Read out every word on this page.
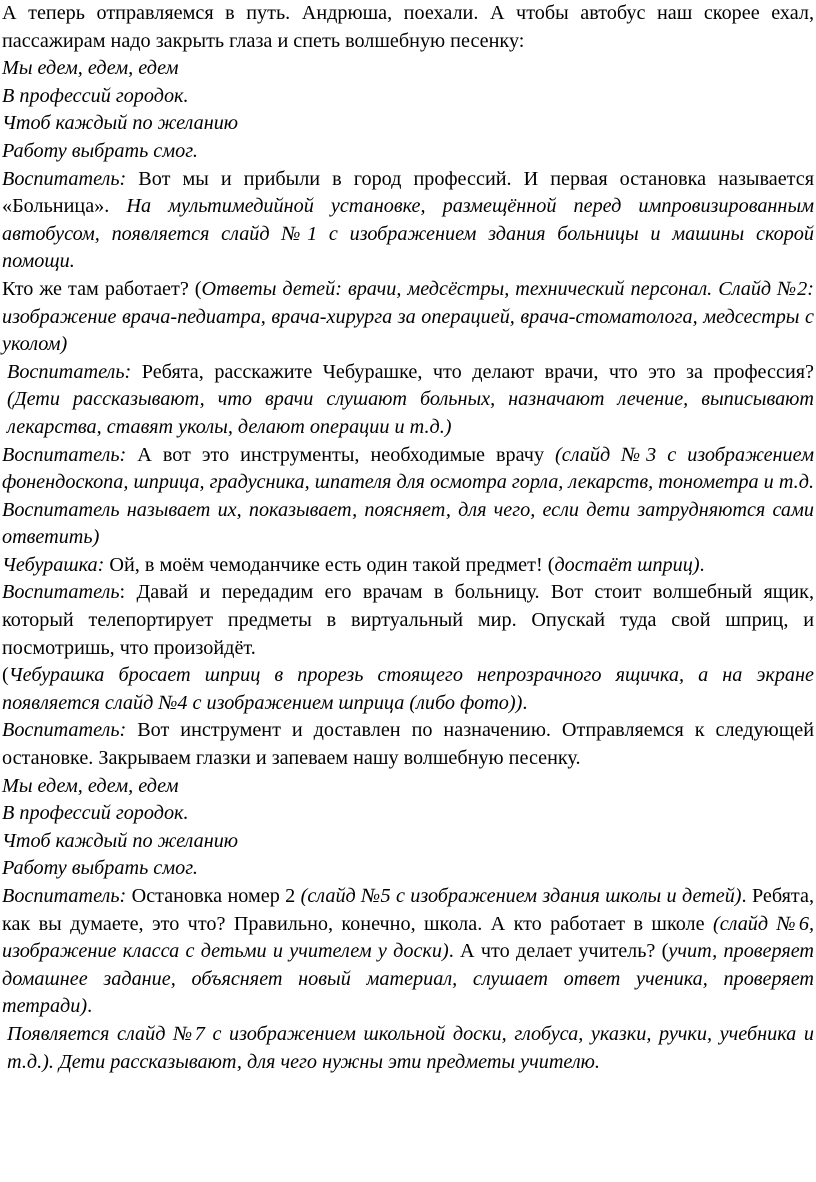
А теперь отправляемся в путь. Андрюша, поехали. А чтобы автобус наш скорее ехал, пассажирам надо закрыть глаза и спеть волшебную песенку:

Мы едем, едем, едем

В профессий городок.

Чтоб каждый по желанию

Работу выбрать смог.

Воспитатель: Вот мы и прибыли в город профессий. И первая остановка называется «Больница». На мультимедийной установке, размещённой перед импровизированным автобусом, появляется слайд №1 с изображением здания больницы и машины скорой помощи.

Кто же там работает? (Ответы детей: врачи, медсёстры, технический персонал. Слайд №2: изображение врача-педиатра, врача-хирурга за операцией, врача-стоматолога, медсестры с уколом)

Воспитатель: Ребята, расскажите Чебурашке, что делают врачи, что это за профессия? (Дети рассказывают, что врачи слушают больных, назначают лечение, выписывают лекарства, ставят уколы, делают операции и т.д.)

Воспитатель: А вот это инструменты, необходимые врачу (слайд №3 с изображением фонендоскопа, шприца, градусника, шпателя для осмотра горла, лекарств, тонометра и т.д. Воспитатель называет их, показывает, поясняет, для чего, если дети затрудняются сами ответить)

Чебурашка: Ой, в моём чемоданчике есть один такой предмет! (достаёт шприц).

Воспитатель: Давай и передадим его врачам в больницу. Вот стоит волшебный ящик, который телепортирует предметы в виртуальный мир. Опускай туда свой шприц, и посмотришь, что произойдёт.

(Чебурашка бросает шприц в прорезь стоящего непрозрачного ящичка, а на экране появляется слайд №4 с изображением шприца (либо фото)).

Воспитатель: Вот инструмент и доставлен по назначению. Отправляемся к следующей остановке. Закрываем глазки и запеваем нашу волшебную песенку.

Мы едем, едем, едем

В профессий городок.

Чтоб каждый по желанию

Работу выбрать смог.

Воспитатель: Остановка номер 2 (слайд №5 с изображением здания школы и детей). Ребята, как вы думаете, это что? Правильно, конечно, школа. А кто работает в школе (слайд №6, изображение класса с детьми и учителем у доски). А что делает учитель? (учит, проверяет домашнее задание, объясняет новый материал, слушает ответ ученика, проверяет тетради).

Появляется слайд №7 с изображением школьной доски, глобуса, указки, ручки, учебника и т.д.). Дети рассказывают, для чего нужны эти предметы учителю.
